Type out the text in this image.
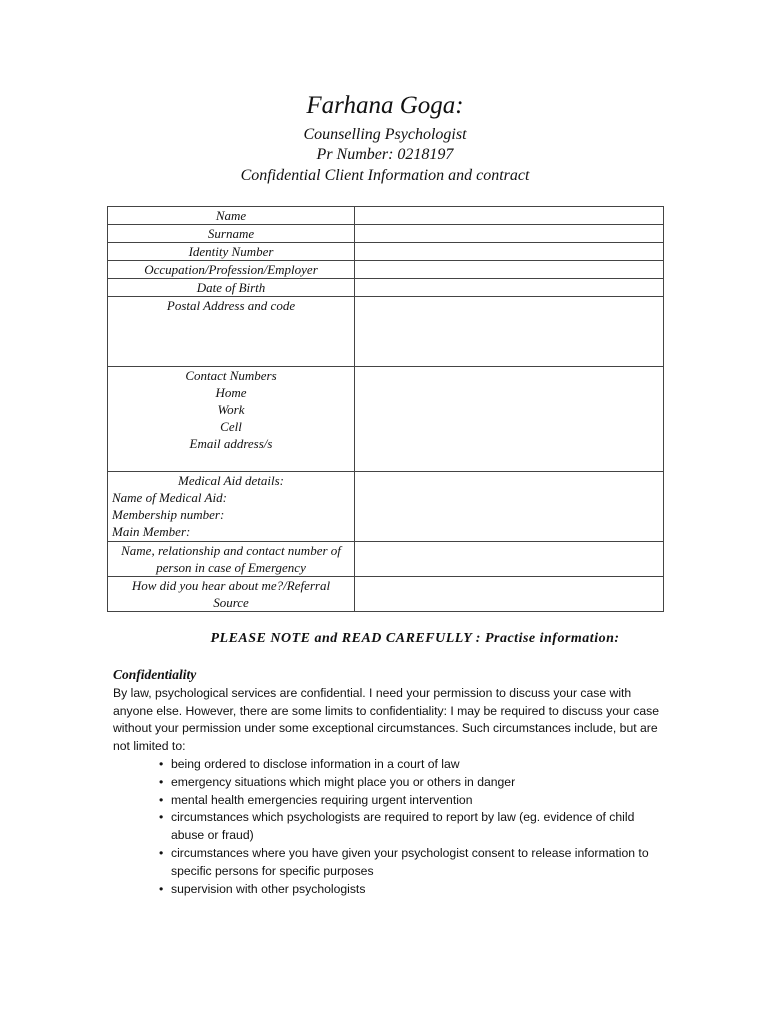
Farhana Goga:
Counselling Psychologist
Pr Number: 0218197
Confidential Client Information and contract
Name	
Surname	
Identity Number	
Occupation/Profession/Employer	
Date of Birth	
Postal Address and code	

Contact Numbers
Home
Work
Cell
Email address/s	

Medical Aid details:
Name of Medical Aid:
Membership number:
Main Member:	

Name, relationship and contact number of
person in case of Emergency	

How did you hear about me?/Referral
Source	

PLEASE NOTE and READ CAREFULLY : Practise information:
Confidentiality

By law, psychological services are confidential. I need your permission to discuss your case with anyone else. However, there are some limits to confidentiality: I may be required to discuss your case without your permission under some exceptional circumstances. Such circumstances include, but are not limited to:

• being ordered to disclose information in a court of law
• emergency situations which might place you or others in danger
• mental health emergencies requiring urgent intervention
• circumstances which psychologists are required to report by law (eg. evidence of child abuse or fraud)
• circumstances where you have given your psychologist consent to release information to specific persons for specific purposes
• supervision with other psychologists
